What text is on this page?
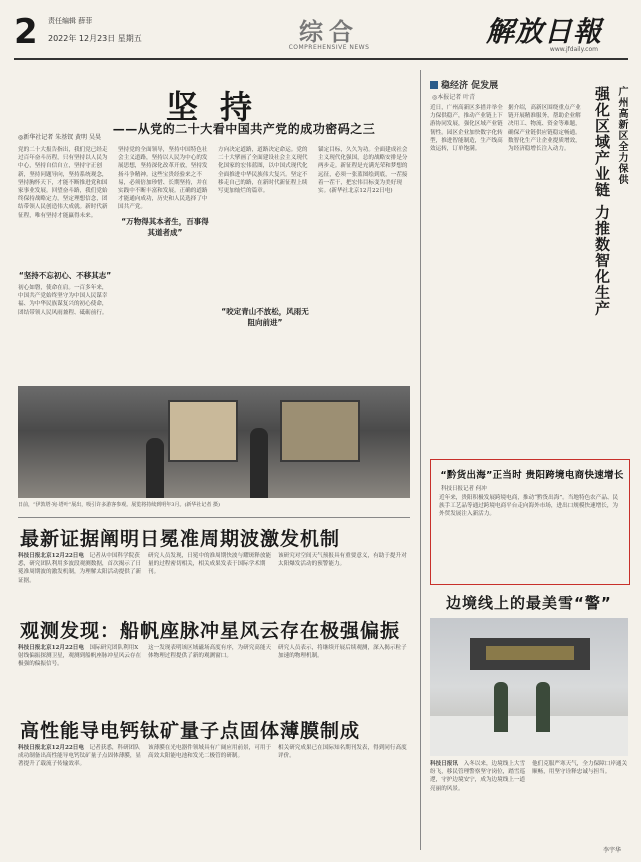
2 责任编辑 薛菲
2022年 12月23日 星期五	综合
COMPREHENSIVE NEWS	解放日報
www.jfdaily.com
坚持
——从党的二十大看中国共产党的成功密码之三
◎新华社记者 朱基钗 黄明 吴昊
党的二十大报告指出，我们党已经走过百年奋斗历程，只有坚持以人民为中心，坚持自信自立，坚持守正创新，坚持问题导向，坚持系统观念，坚持胸怀天下，才能不断推进党和国家事业发展。回望奋斗路，我们党始终保持战略定力，坚定理想信念，团结带领人民创造伟大成就。新时代新征程，唯有坚持才能赢得未来。
“坚持不忘初心、不移其志”
初心如磐，使命在肩。一百多年来，中国共产党始终坚守为中国人民谋幸福、为中华民族谋复兴的初心使命，团结带领人民风雨兼程、砥砺前行。
坚持党的全面领导，坚持中国特色社会主义道路，坚持以人民为中心的发展思想，坚持深化改革开放，坚持发扬斗争精神。这些宝贵经验来之不易，必须倍加珍惜、长期坚持，并在实践中不断丰富和发展。正确的道路才能通向成功，历史和人民选择了中国共产党。
“万物得其本者生，百事得其道者成”
方向决定道路，道路决定命运。党的二十大擘画了全面建设社会主义现代化国家的宏伟蓝图，以中国式现代化全面推进中华民族伟大复兴。坚定不移走自己的路，在新时代新征程上续写更加灿烂的篇章。
“咬定青山不放松，风雨无阻向前进”
锚定目标，久久为功。全面建成社会主义现代化强国，总的战略安排是分两步走。新征程是充满光荣和梦想的远征，必须一张蓝图绘到底，一茬接着一茬干，把宏伟目标变为美好现实。(新华社北京12月22日电)
日前，“伊敦塔·宛·塔叶”展出，吸引许多游客参观。展览将持续到明年3月。(新华社记者 摄)
最新证据阐明日冕准周期波激发机制
科技日报北京12月22日电　记者从中国科学院获悉，研究团队利用多波段观测数据，首次揭示了日冕准周期波的激发机制，为理解太阳活动提供了新证据。
研究人员发现，日冕中的准周期快波与耀斑释放能量的过程密切相关，相关成果发表于国际学术期刊。
该研究对空间天气预报具有重要意义，有助于提升对太阳爆发活动的预警能力。
观测发现：船帆座脉冲星风云存在极强偏振
科技日报北京12月22日电　国际研究团队利用X射线偏振探测卫星，观测到船帆座脉冲星风云存在极强的偏振信号。
这一发现表明该区域磁场高度有序，为研究高能天体物理过程提供了新的观测窗口。
研究人员表示，将继续开展后续观测，深入揭示粒子加速的物理机制。
高性能导电钙钛矿量子点固体薄膜制成
科技日报北京12月22日电　记者获悉，科研团队成功制备出高性能导电钙钛矿量子点固体薄膜，显著提升了载流子传输效率。
该薄膜在光电器件领域具有广阔应用前景，可用于高效太阳能电池和发光二极管的研制。
相关研究成果已在国际知名期刊发表，得到同行高度评价。
稳经济 促发展
◎本报记者 叶青	强化区域产业链 力推数智化生产 广州高新区全力保供
近日，广州高新区多措并举全力保供稳产，推动产业链上下游协同发展，强化区域产业链韧性。园区企业加快数字化转型，推进智能制造，生产线高效运转，订单饱满。
据介绍，高新区围绕重点产业链开展精准服务，帮助企业解决用工、物流、资金等难题，确保产业链供应链稳定畅通。数智化生产让企业提质增效，为经济稳增长注入动力。
“黔货出海”正当时 贵阳跨境电商快速增长
科技日报记者 何冲
近年来，贵阳积极发展跨境电商，推动“黔货出海”。当地特色农产品、民族手工艺品等通过跨境电商平台走向海外市场，进出口规模快速增长，为外贸发展注入新活力。
边境线上的最美雪“警”
科技日报讯　入冬以来，边境线上大雪纷飞，移民管理警察坚守岗位，踏雪巡逻，守护边境安宁，成为边境线上一道亮丽的风景。
他们克服严寒天气，全力保障口岸通关顺畅，用坚守诠释忠诚与担当。
李宇华
